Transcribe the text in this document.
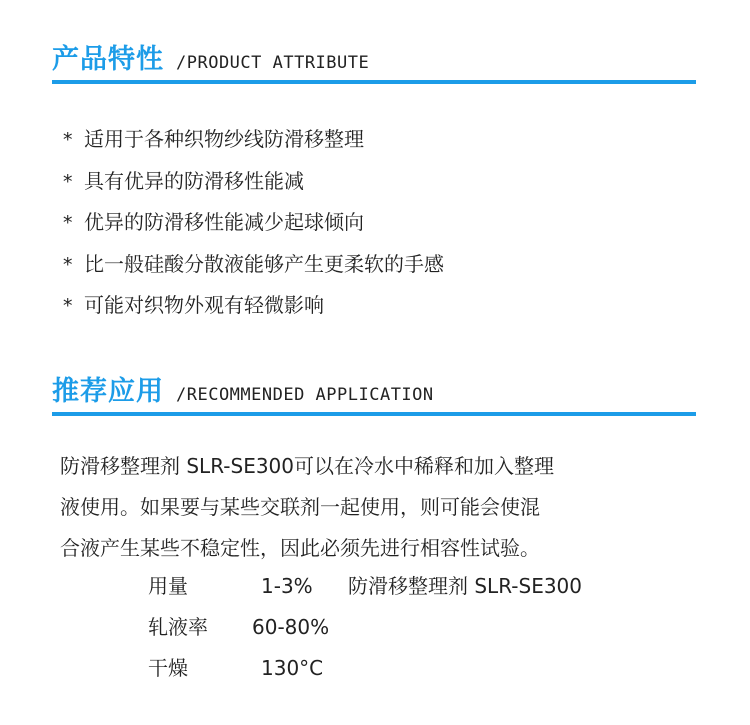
产品特性 /PRODUCT ATTRIBUTE
* 适用于各种织物纱线防滑移整理
* 具有优异的防滑移性能减
* 优异的防滑移性能减少起球倾向
* 比一般硅酸分散液能够产生更柔软的手感
* 可能对织物外观有轻微影响
推荐应用 /RECOMMENDED APPLICATION

防滑移整理剂 SLR-SE300可以在冷水中稀释和加入整理

液使用。如果要与某些交联剂一起使用，则可能会使混

合液产生某些不稳定性，因此必须先进行相容性试验。

用量	1-3% 防滑移整理剂 SLR-SE300
轧液率 60-80%
干燥	130°C
